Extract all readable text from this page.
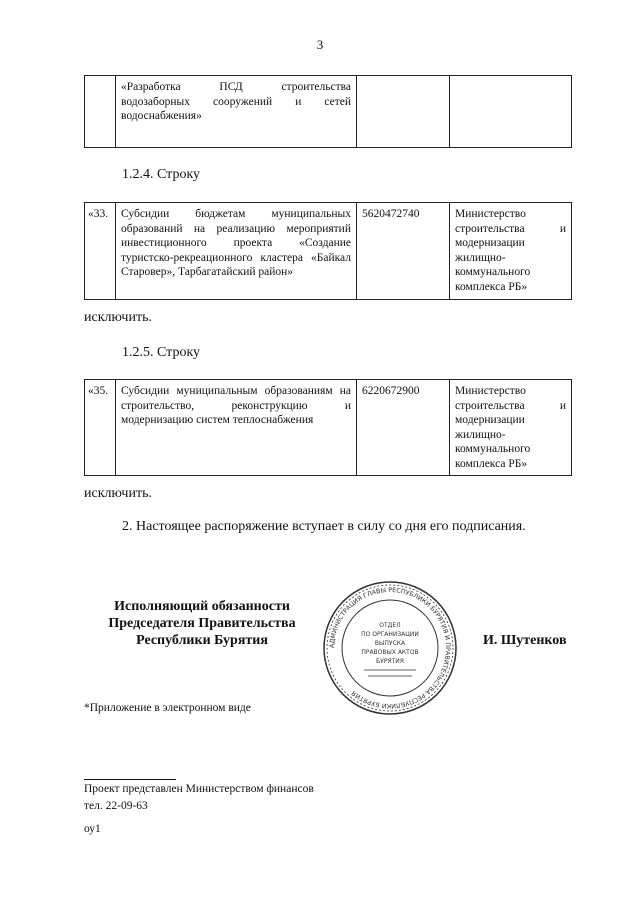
3
	«Разработка ПСД строительства водозаборных сооружений и сетей водоснабжения»		
1.2.4. Строку
«33.	Субсидии бюджетам муниципальных образований на реализацию мероприятий инвестиционного проекта «Создание туристско-рекреационного кластера «Байкал Старовер», Тарбагатайский район»	5620472740	Министерство строительства и модернизации жилищно-коммунального комплекса РБ»
исключить.
1.2.5. Строку
«35.	Субсидии муниципальным образованиям на строительство, реконструкцию и модернизацию систем теплоснабжения	6220672900	Министерство строительства и модернизации жилищно-коммунального комплекса РБ»
исключить.
2. Настоящее распоряжение вступает в силу со дня его подписания.
Исполняющий обязанности
Председателя Правительства
Республики Бурятия	АДМИНИСТРАЦИЯ ГЛАВЫ РЕСПУБЛИКИ БУРЯТИЯ И ПРАВИТЕЛЬСТВА РЕСПУБЛИКИ БУРЯТИЯ
ОТДЕЛ
ПО ОРГАНИЗАЦИИ
ВЫПУСКА
ПРАВОВЫХ АКТОВ
БУРЯТИЯ
И. Шутенков
*Приложение в электронном виде
Проект представлен Министерством финансов
тел. 22-09-63
оу1
